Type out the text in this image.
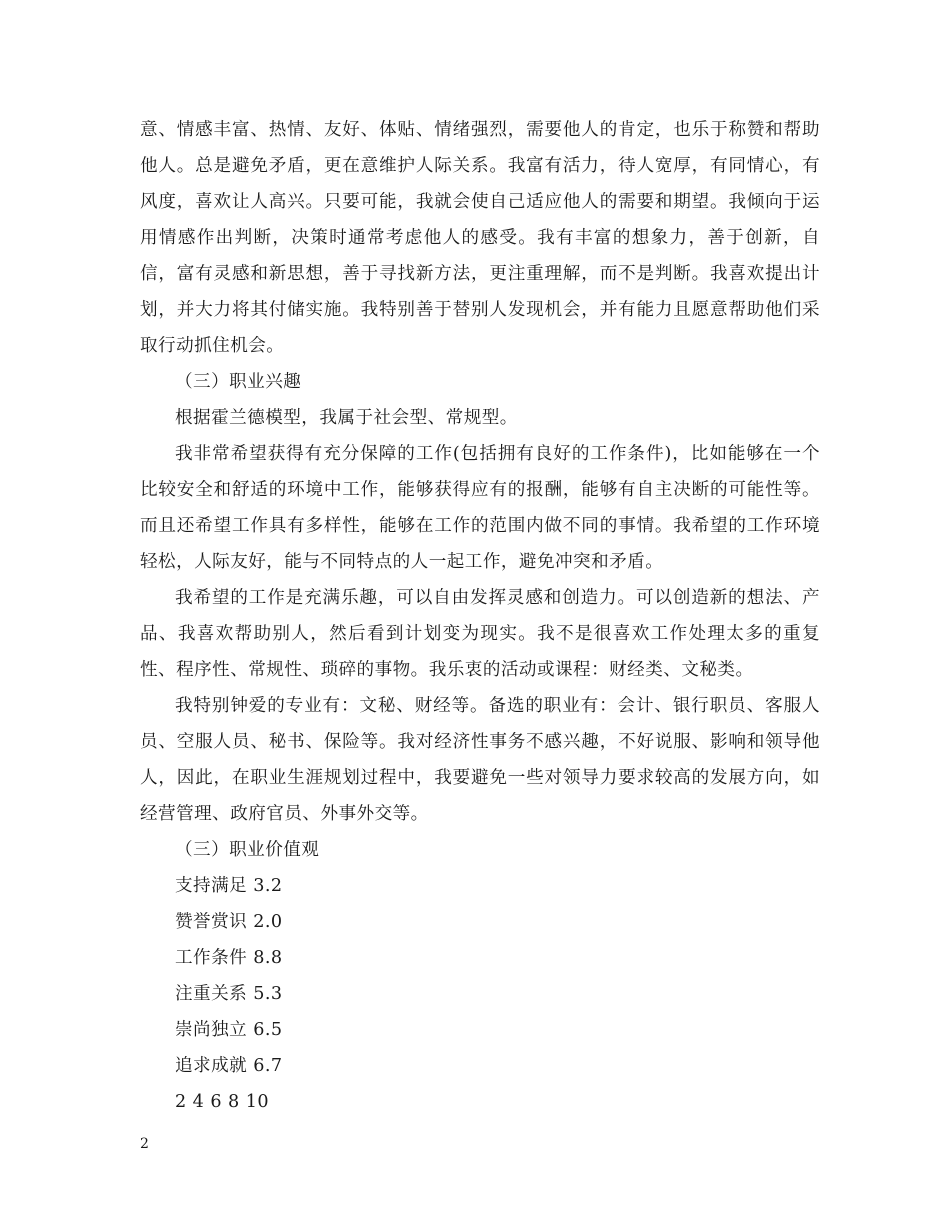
意、情感丰富、热情、友好、体贴、情绪强烈，需要他人的肯定，也乐于称赞和帮助他人。总是避免矛盾，更在意维护人际关系。我富有活力，待人宽厚，有同情心，有风度，喜欢让人高兴。只要可能，我就会使自己适应他人的需要和期望。我倾向于运用情感作出判断，决策时通常考虑他人的感受。我有丰富的想象力，善于创新，自信，富有灵感和新思想，善于寻找新方法，更注重理解，而不是判断。我喜欢提出计划，并大力将其付储实施。我特别善于替别人发现机会，并有能力且愿意帮助他们采取行动抓住机会。

（三）职业兴趣

根据霍兰德模型，我属于社会型、常规型。

我非常希望获得有充分保障的工作(包括拥有良好的工作条件)，比如能够在一个比较安全和舒适的环境中工作，能够获得应有的报酬，能够有自主决断的可能性等。而且还希望工作具有多样性，能够在工作的范围内做不同的事情。我希望的工作环境轻松，人际友好，能与不同特点的人一起工作，避免冲突和矛盾。

我希望的工作是充满乐趣，可以自由发挥灵感和创造力。可以创造新的想法、产品、我喜欢帮助别人，然后看到计划变为现实。我不是很喜欢工作处理太多的重复性、程序性、常规性、琐碎的事物。我乐衷的活动或课程：财经类、文秘类。

我特别钟爱的专业有：文秘、财经等。备选的职业有：会计、银行职员、客服人员、空服人员、秘书、保险等。我对经济性事务不感兴趣，不好说服、影响和领导他人，因此，在职业生涯规划过程中，我要避免一些对领导力要求较高的发展方向，如经营管理、政府官员、外事外交等。

（三）职业价值观

支持满足 3.2

赞誉赏识 2.0

工作条件 8.8

注重关系 5.3

崇尚独立 6.5

追求成就 6.7

2 4 6 8 10

2
